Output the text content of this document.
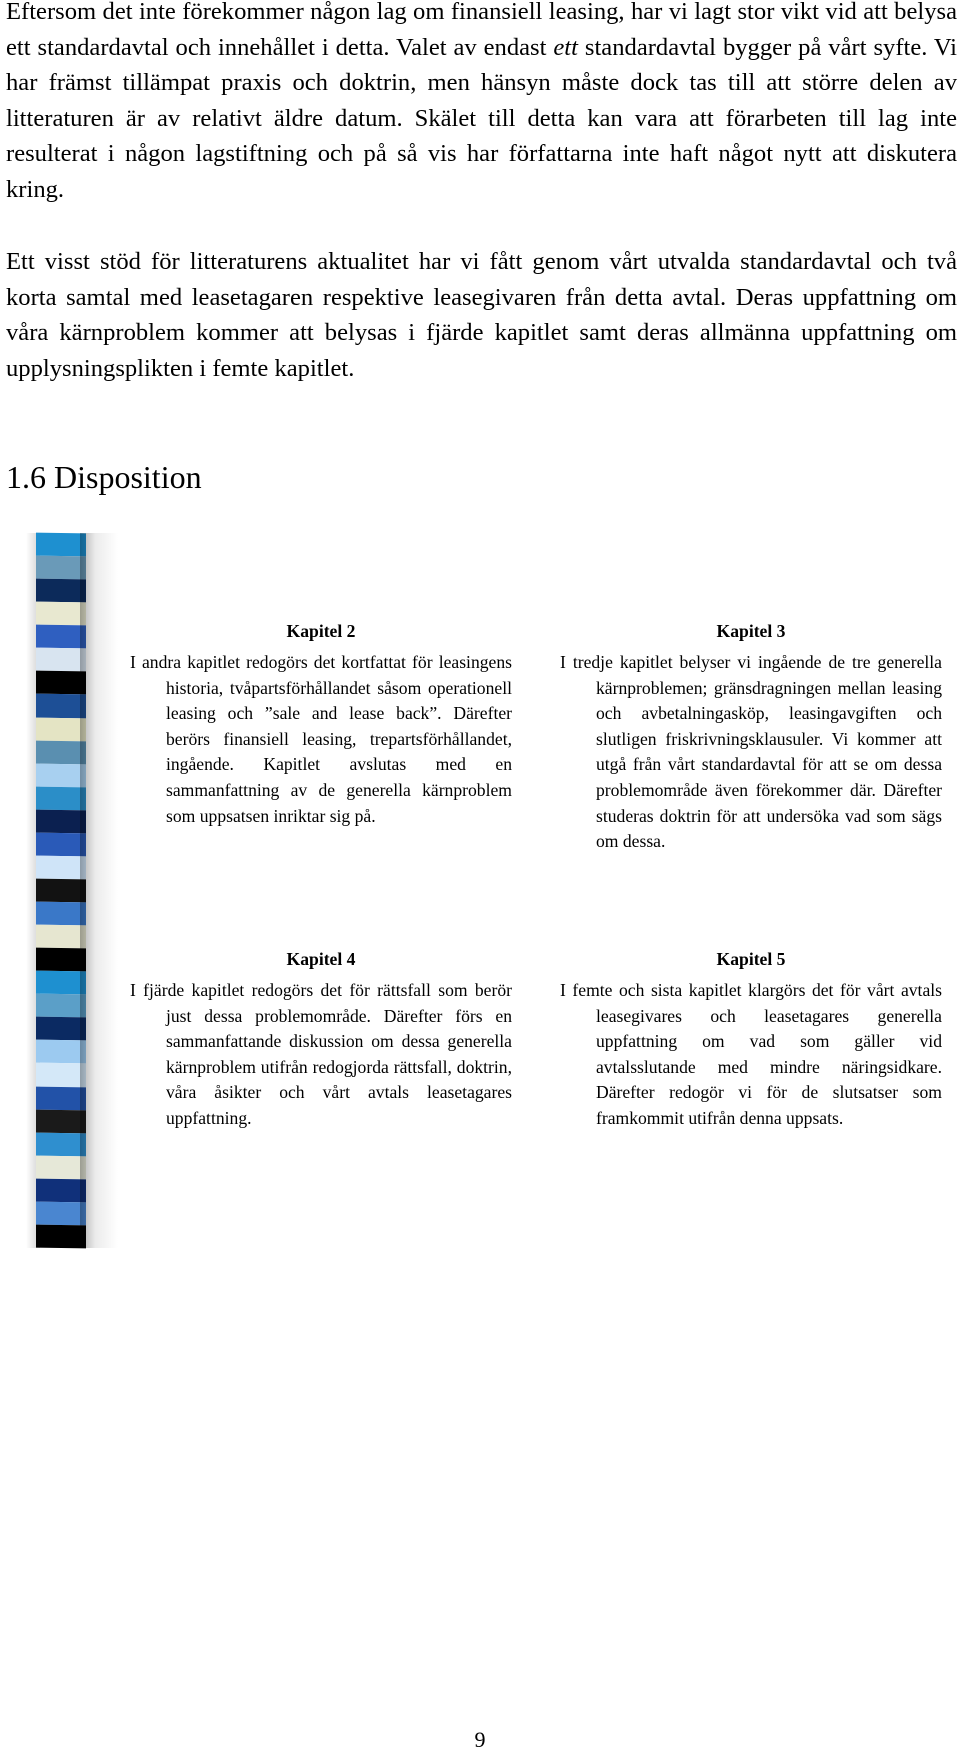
Eftersom det inte förekommer någon lag om finansiell leasing, har vi lagt stor vikt vid att belysa ett standardavtal och innehållet i detta. Valet av endast ett standardavtal bygger på vårt syfte. Vi har främst tillämpat praxis och doktrin, men hänsyn måste dock tas till att större delen av litteraturen är av relativt äldre datum. Skälet till detta kan vara att förarbeten till lag inte resulterat i någon lagstiftning och på så vis har författarna inte haft något nytt att diskutera kring.

Ett visst stöd för litteraturens aktualitet har vi fått genom vårt utvalda standardavtal och två korta samtal med leasetagaren respektive leasegivaren från detta avtal. Deras uppfattning om våra kärnproblem kommer att belysas i fjärde kapitlet samt deras allmänna uppfattning om upplysningsplikten i femte kapitlet.

1.6 Disposition
Kapitel 2

I andra kapitlet redogörs det kortfattat för leasingens historia, tvåpartsförhållandet såsom operationell leasing och ”sale and lease back”. Därefter berörs finansiell leasing, trepartsförhållandet, ingående. Kapitlet avslutas med en sammanfattning av de generella kärnproblem som uppsatsen inriktar sig på.

Kapitel 3

I tredje kapitlet belyser vi ingående de tre generella kärnproblemen; gränsdragningen mellan leasing och avbetalningasköp, leasingavgiften och slutligen friskrivningsklausuler. Vi kommer att utgå från vårt standardavtal för att se om dessa problemområde även förekommer där. Därefter studeras doktrin för att undersöka vad som sägs om dessa.

Kapitel 4

I fjärde kapitlet redogörs det för rättsfall som berör just dessa problemområde. Därefter förs en sammanfattande diskussion om dessa generella kärnproblem utifrån redogjorda rättsfall, doktrin, våra åsikter och vårt avtals leasetagares uppfattning.

Kapitel 5

I femte och sista kapitlet klargörs det för vårt avtals leasegivares och leasetagares generella uppfattning om vad som gäller vid avtalsslutande med mindre näringsidkare. Därefter redogör vi för de slutsatser som framkommit utifrån denna uppsats.

9
